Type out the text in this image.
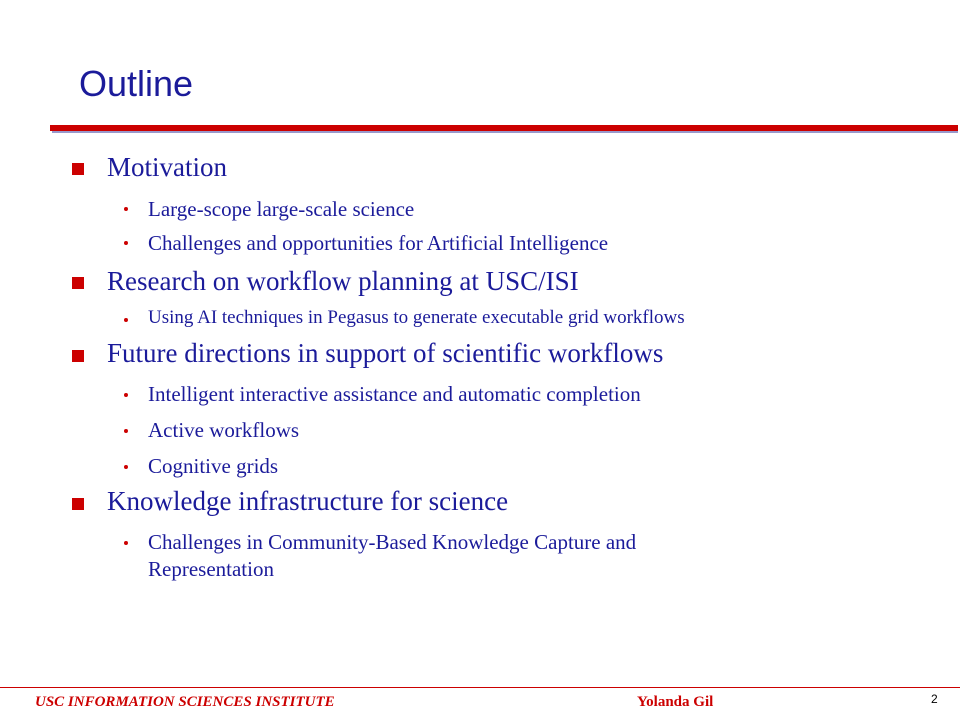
Outline
Motivation
Large-scope large-scale science
Challenges and opportunities for Artificial Intelligence
Research on workflow planning at USC/ISI
Using AI techniques in Pegasus to generate executable grid workflows
Future directions in support of scientific workflows
Intelligent interactive assistance and automatic completion
Active workflows
Cognitive grids
Knowledge infrastructure for science
Challenges in Community-Based Knowledge Capture and
Representation
USC INFORMATION SCIENCES INSTITUTE	Yolanda Gil	2
